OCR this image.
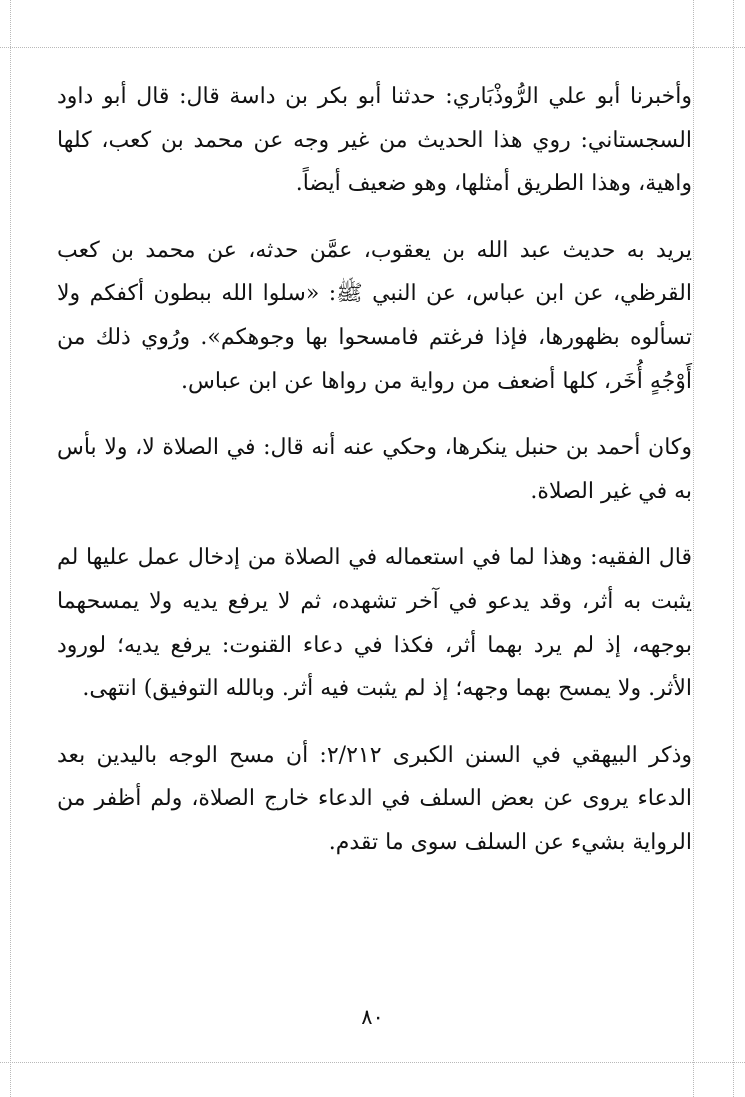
وأخبرنا أبو علي الرُّوذْبَاري: حدثنا أبو بكر بن داسة قال: قال أبو داود السجستاني: روي هذا الحديث من غير وجه عن محمد بن كعب، كلها واهية، وهذا الطريق أمثلها، وهو ضعيف أيضاً.

يريد به حديث عبد الله بن يعقوب، عمَّن حدثه، عن محمد بن كعب القرظي، عن ابن عباس، عن النبي ﷺ: «سلوا الله ببطون أكفكم ولا تسألوه بظهورها، فإذا فرغتم فامسحوا بها وجوهكم». ورُوي ذلك من أَوْجُهٍ أُخَر، كلها أضعف من رواية من رواها عن ابن عباس.

وكان أحمد بن حنبل ينكرها، وحكي عنه أنه قال: في الصلاة لا، ولا بأس به في غير الصلاة.

قال الفقيه: وهذا لما في استعماله في الصلاة من إدخال عمل عليها لم يثبت به أثر، وقد يدعو في آخر تشهده، ثم لا يرفع يديه ولا يمسحهما بوجهه، إذ لم يرد بهما أثر، فكذا في دعاء القنوت: يرفع يديه؛ لورود الأثر. ولا يمسح بهما وجهه؛ إذ لم يثبت فيه أثر. وبالله التوفيق) انتهى.

وذكر البيهقي في السنن الكبرى ٢/٢١٢: أن مسح الوجه باليدين بعد الدعاء يروى عن بعض السلف في الدعاء خارج الصلاة، ولم أظفر من الرواية بشيء عن السلف سوى ما تقدم.

٨٠
